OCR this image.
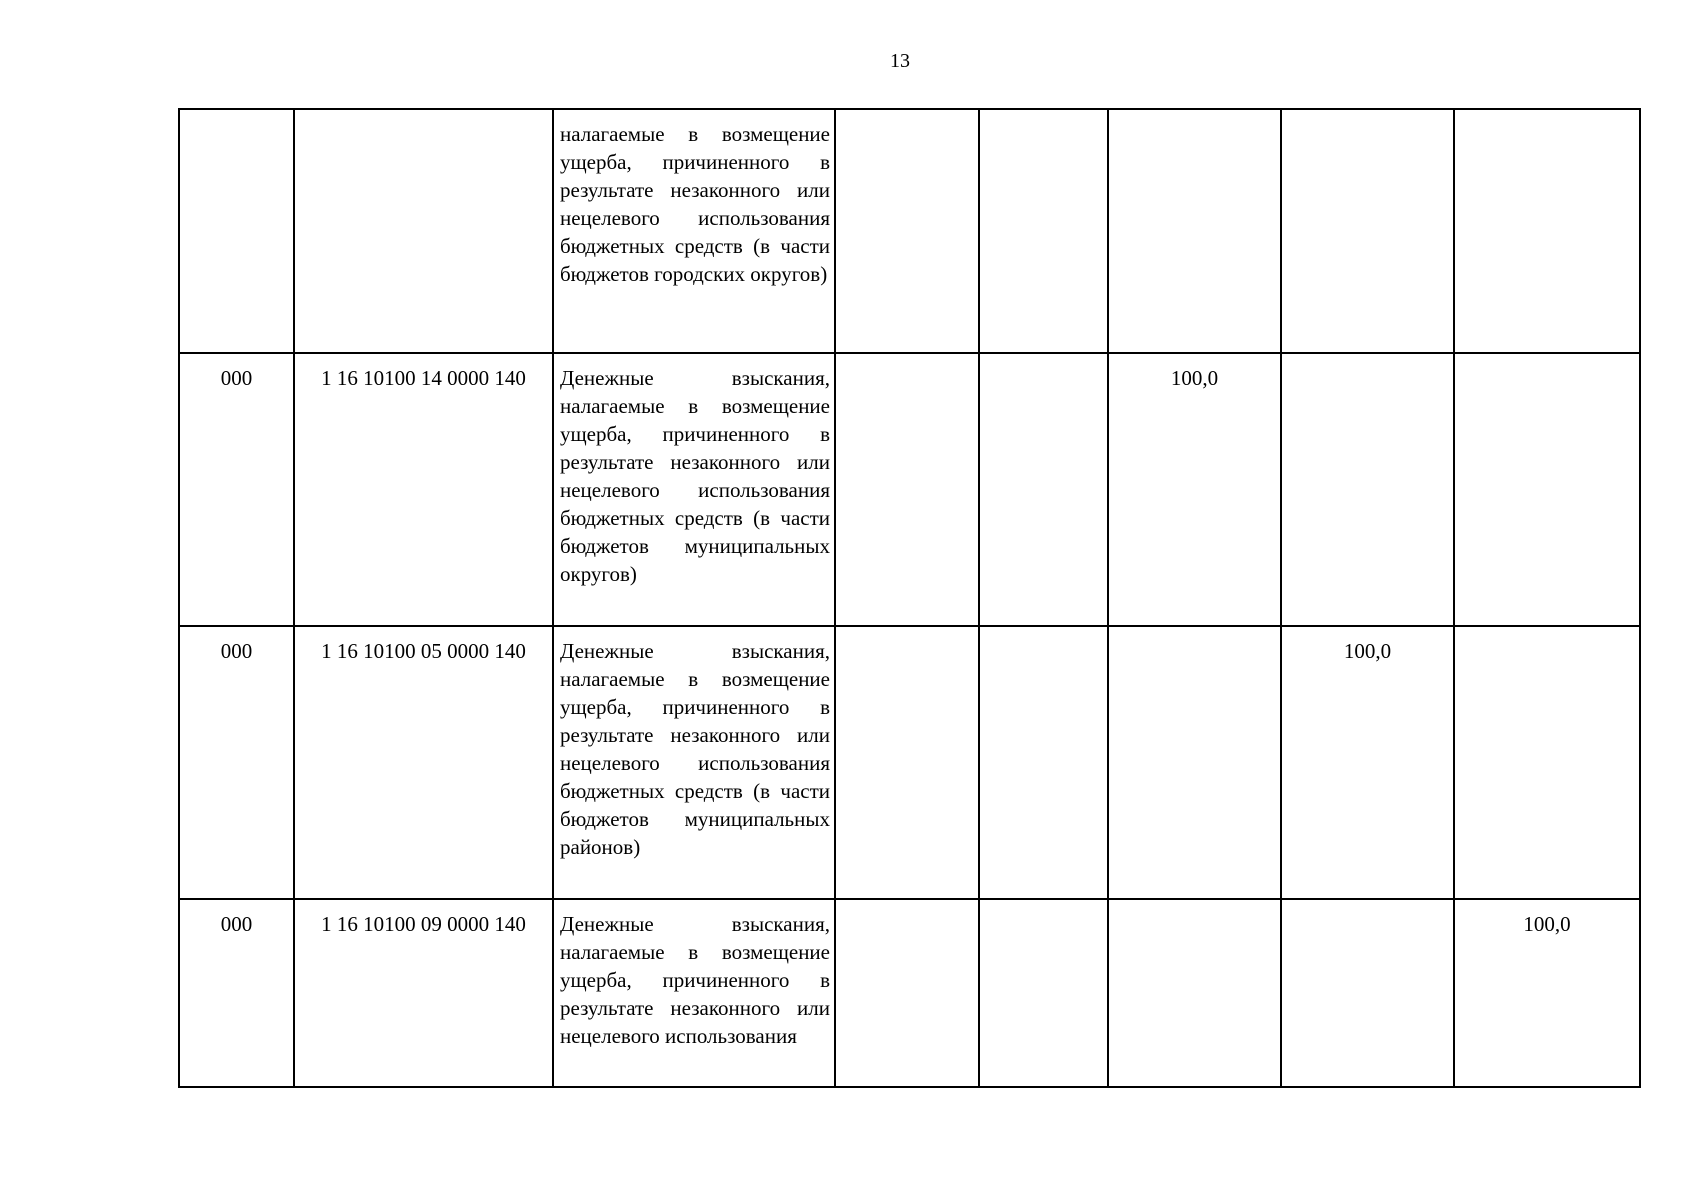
13
		налагаемые в возмещение ущерба, причиненного в результате незаконного или нецелевого использования бюджетных средств (в части бюджетов городских округов)					
000	1 16 10100 14 0000 140	Денежные взыскания, налагаемые в возмещение ущерба, причиненного в результате незаконного или нецелевого использования бюджетных средств (в части бюджетов муниципальных округов)			100,0		
000	1 16 10100 05 0000 140	Денежные взыскания, налагаемые в возмещение ущерба, причиненного в результате незаконного или нецелевого использования бюджетных средств (в части бюджетов муниципальных районов)				100,0	
000	1 16 10100 09 0000 140	Денежные взыскания, налагаемые в возмещение ущерба, причиненного в результате незаконного или нецелевого использования					100,0
